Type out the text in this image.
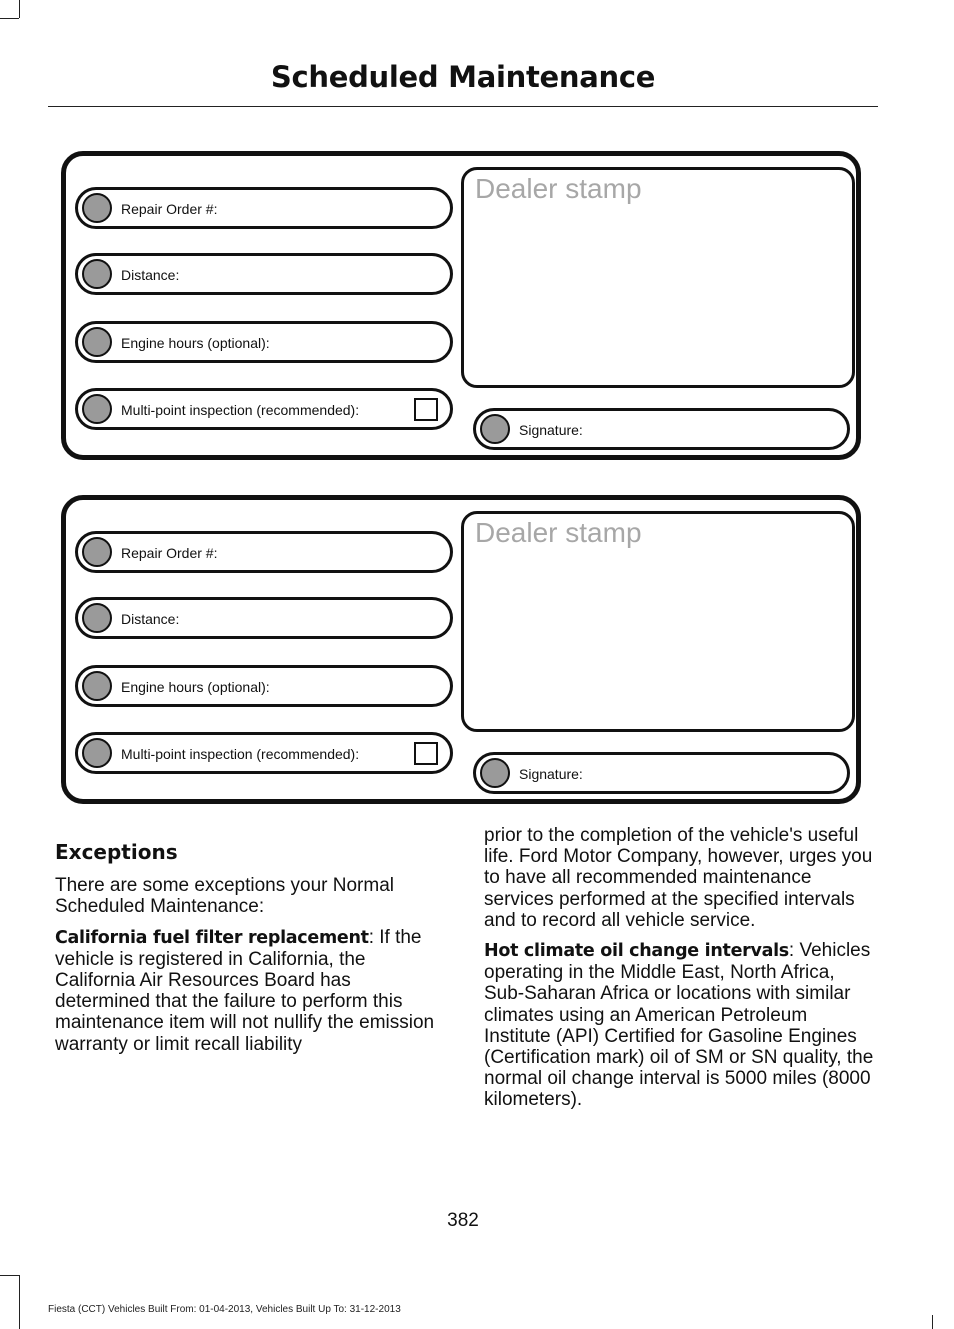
Scheduled Maintenance
Repair Order #:
Distance:
Engine hours (optional):
Multi-point inspection (recommended):
Dealer stamp
Signature:
Repair Order #:
Distance:
Engine hours (optional):
Multi-point inspection (recommended):
Dealer stamp
Signature:
Exceptions

There are some exceptions your Normal Scheduled Maintenance:

California fuel filter replacement: If the vehicle is registered in California, the California Air Resources Board has determined that the failure to perform this maintenance item will not nullify the emission warranty or limit recall liability

prior to the completion of the vehicle's useful life. Ford Motor Company, however, urges you to have all recommended maintenance services performed at the specified intervals and to record all vehicle service.

Hot climate oil change intervals: Vehicles operating in the Middle East, North Africa, Sub-Saharan Africa or locations with similar climates using an American Petroleum Institute (API) Certified for Gasoline Engines (Certification mark) oil of SM or SN quality, the normal oil change interval is 5000 miles (8000 kilometers).

382
Fiesta (CCT) Vehicles Built From: 01-04-2013, Vehicles Built Up To: 31-12-2013
